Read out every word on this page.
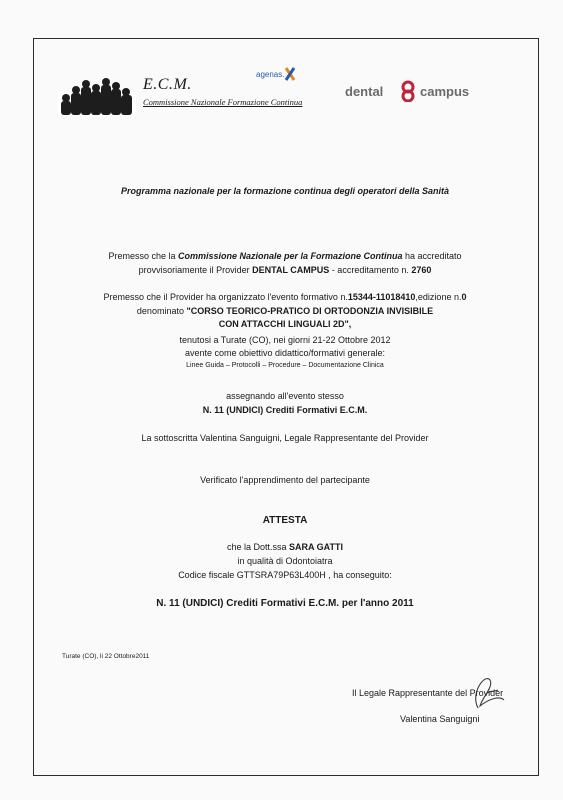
E.C.M.
Commissione Nazionale Formazione Continua
agenas.
dental	campus
Programma nazionale per la formazione continua degli operatori della Sanità
Premesso che la Commissione Nazionale per la Formazione Continua ha accreditato
provvisoriamente il Provider DENTAL CAMPUS - accreditamento n. 2760
Premesso che il Provider ha organizzato l'evento formativo n.15344-11018410,edizione n.0
denominato "CORSO TEORICO-PRATICO DI ORTODONZIA INVISIBILE
CON ATTACCHI LINGUALI 2D",
tenutosi a Turate (CO), nei giorni 21-22 Ottobre 2012
avente come obiettivo didattico/formativi generale:
Linee Guida – Protocolli – Procedure – Documentazione Clinica
assegnando all'evento stesso
N. 11 (UNDICI) Crediti Formativi E.C.M.
La sottoscritta Valentina Sanguigni, Legale Rappresentante del Provider
Verificato l'apprendimento del partecipante
ATTESTA
che la Dott.ssa SARA GATTI
in qualità di Odontoiatra
Codice fiscale GTTSRA79P63L400H , ha conseguito:
N. 11 (UNDICI) Crediti Formativi E.C.M. per l'anno 2011
Turate (CO), li 22 Ottobre2011
Il Legale Rappresentante del Provider
Valentina Sanguigni
